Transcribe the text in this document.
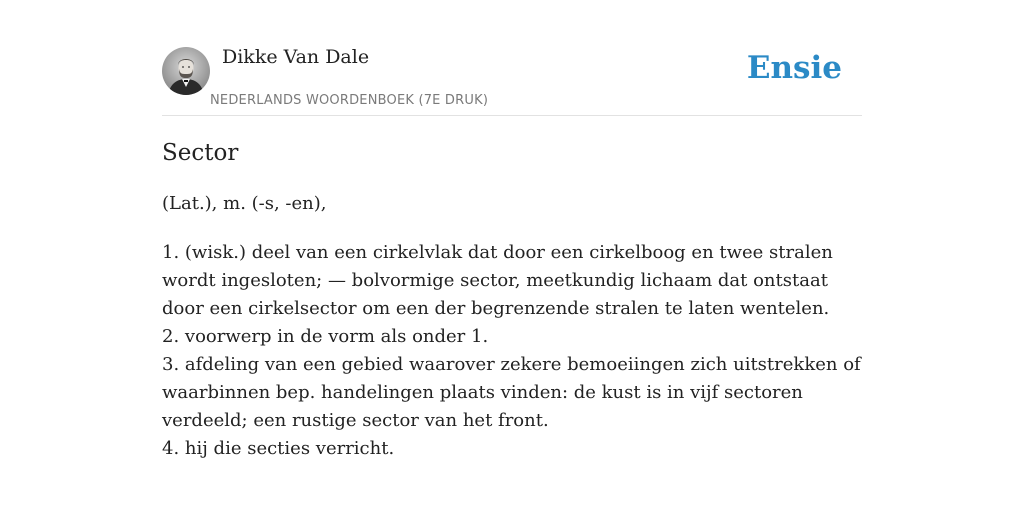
Dikke Van Dale
NEDERLANDS WOORDENBOEK (7E DRUK)
Ensie
Sector
(Lat.), m. (-s, -en),
1. (wisk.) deel van een cirkelvlak dat door een cirkelboog en twee stralen wordt ingesloten; — bolvormige sector, meetkundig lichaam dat ontstaat door een cirkelsector om een der begrenzende stralen te laten wentelen.
2. voorwerp in de vorm als onder 1.
3. afdeling van een gebied waarover zekere bemoeiingen zich uitstrekken of waarbinnen bep. handelingen plaats vinden: de kust is in vijf sectoren verdeeld; een rustige sector van het front.
4. hij die secties verricht.
